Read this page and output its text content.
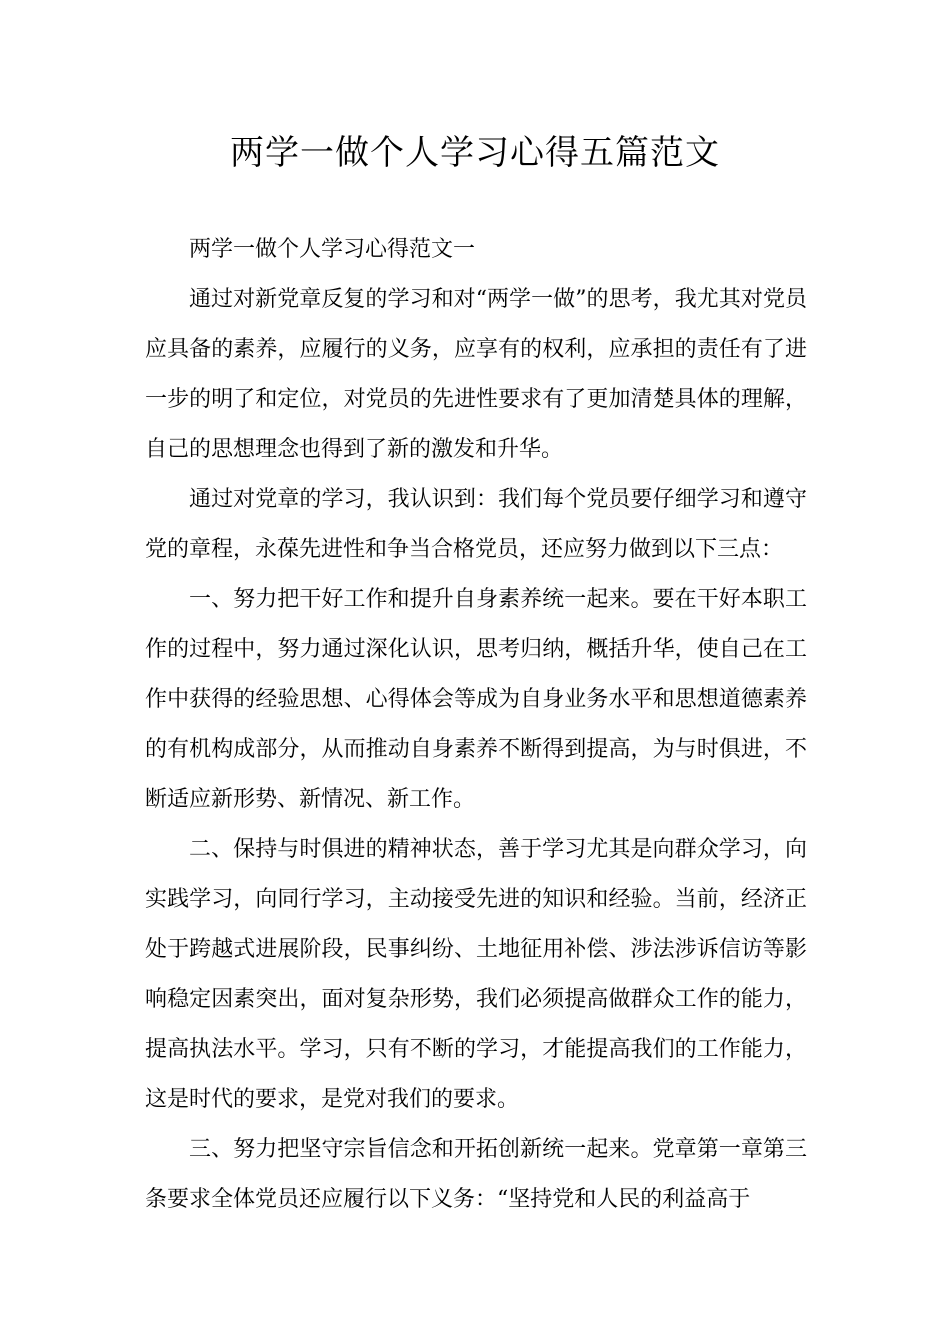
两学一做个人学习心得五篇范文

两学一做个人学习心得范文一

通过对新党章反复的学习和对“两学一做”的思考，我尤其对党员应具备的素养，应履行的义务，应享有的权利，应承担的责任有了进一步的明了和定位，对党员的先进性要求有了更加清楚具体的理解，自己的思想理念也得到了新的激发和升华。

通过对党章的学习，我认识到：我们每个党员要仔细学习和遵守党的章程，永葆先进性和争当合格党员，还应努力做到以下三点：

一、努力把干好工作和提升自身素养统一起来。要在干好本职工作的过程中，努力通过深化认识，思考归纳，概括升华，使自己在工作中获得的经验思想、心得体会等成为自身业务水平和思想道德素养的有机构成部分，从而推动自身素养不断得到提高，为与时俱进，不断适应新形势、新情况、新工作。

二、保持与时俱进的精神状态，善于学习尤其是向群众学习，向实践学习，向同行学习，主动接受先进的知识和经验。当前，经济正处于跨越式进展阶段，民事纠纷、土地征用补偿、涉法涉诉信访等影响稳定因素突出，面对复杂形势，我们必须提高做群众工作的能力，提高执法水平。学习，只有不断的学习，才能提高我们的工作能力，这是时代的要求，是党对我们的要求。

三、努力把坚守宗旨信念和开拓创新统一起来。党章第一章第三条要求全体党员还应履行以下义务：“坚持党和人民的利益高于
